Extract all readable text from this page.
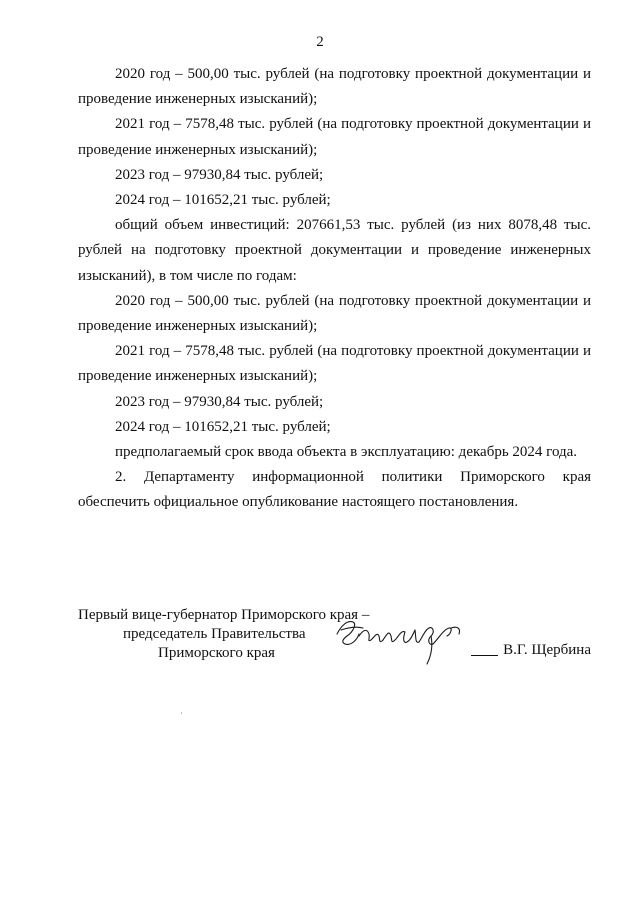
2

2020 год – 500,00 тыс. рублей (на подготовку проектной документации и проведение инженерных изысканий);

2021 год – 7578,48 тыс. рублей (на подготовку проектной документации и проведение инженерных изысканий);

2023 год – 97930,84 тыс. рублей;

2024 год – 101652,21 тыс. рублей;

общий объем инвестиций: 207661,53 тыс. рублей (из них 8078,48 тыс. рублей на подготовку проектной документации и проведение инженерных изысканий), в том числе по годам:

2020 год – 500,00 тыс. рублей (на подготовку проектной документации и проведение инженерных изысканий);

2021 год – 7578,48 тыс. рублей (на подготовку проектной документации и проведение инженерных изысканий);

2023 год – 97930,84 тыс. рублей;

2024 год – 101652,21 тыс. рублей;

предполагаемый срок ввода объекта в эксплуатацию: декабрь 2024 года.

2. Департаменту информационной политики Приморского края обеспечить официальное опубликование настоящего постановления.

Первый вице-губернатор Приморского края –
председатель Правительства
Приморского края	В.Г. Щербина
